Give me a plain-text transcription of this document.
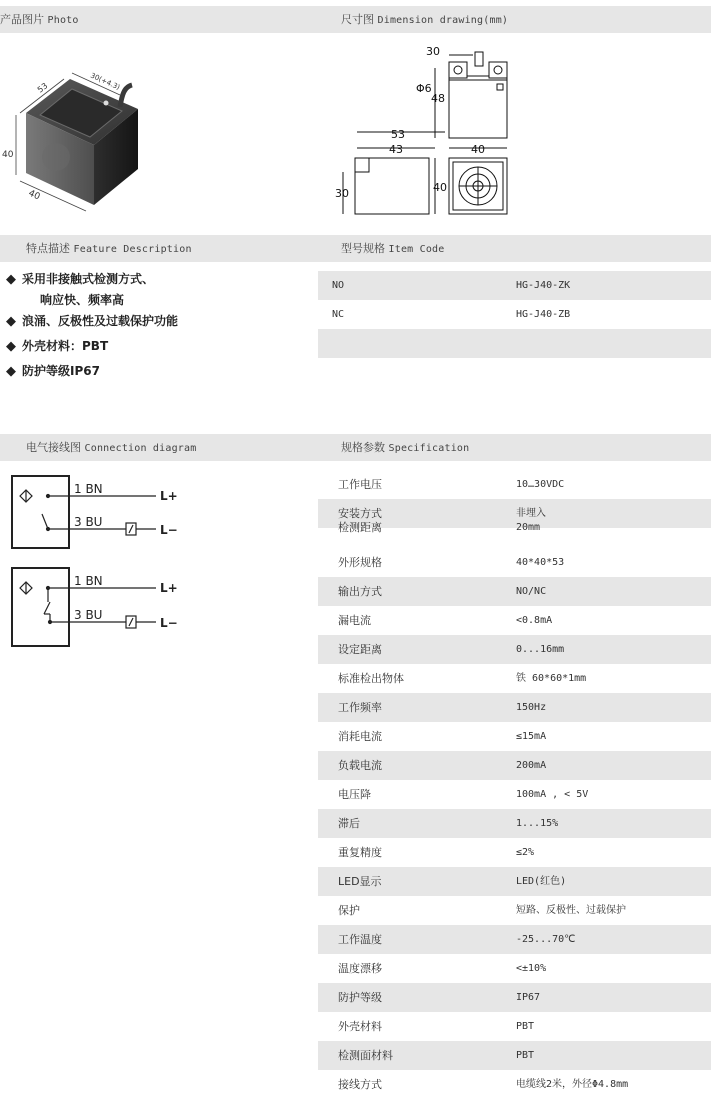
产品图片 Photo	尺寸图 Dimension drawing(mm)
53	30(+4.3)
40
40
30
Φ6
48
53
43	40
30	40
特点描述 Feature Description	型号规格 Item Code
◆ 采用非接触式检测方式、
响应快、频率高
◆ 浪涌、反极性及过载保护功能
◆ 外壳材料：PBT
◆ 防护等级IP67
NO	HG-J40-ZK
NC	HG-J40-ZB
电气接线图 Connection diagram	规格参数 Specification
1 BN
3 BU
L+
L−
1 BN
3 BU
L+
L−
工作电压	10…30VDC
安装方式	非埋入
检测距离	20mm
外形规格	40*40*53
输出方式	NO/NC
漏电流	<0.8mA
设定距离	0...16mm
标准检出物体	铁 60*60*1mm
工作频率	150Hz
消耗电流	≤15mA
负载电流	200mA
电压降	100mA , < 5V
滞后	1...15%
重复精度	≤2%
LED显示	LED(红色)
保护	短路、反极性、过载保护
工作温度	-25...70℃
温度漂移	<±10%
防护等级	IP67
外壳材料	PBT
检测面材料	PBT
接线方式	电缆线2米，外径Φ4.8mm
